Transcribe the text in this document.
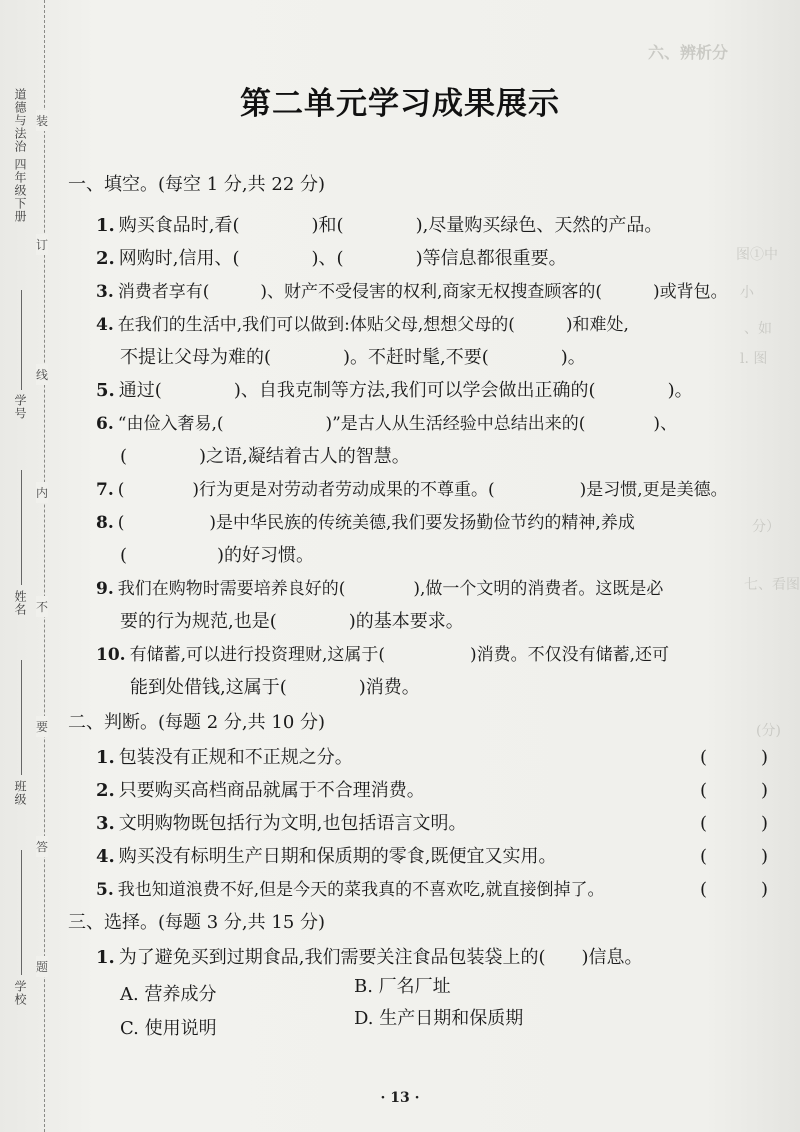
道德与法治 四年级下册
学号
姓名
班级
学校
装
订
线
内
不
要
答
题
六、辨析分
图①中
小
、如
l. 图
分）
七、看图
(分)
第二单元学习成果展示
一、填空。(每空 1 分,共 22 分)
1. 购买食品时,看(　　　　)和(　　　　),尽量购买绿色、天然的产品。
2. 网购时,信用、(　　　　)、(　　　　)等信息都很重要。
3. 消费者享有(　　　)、财产不受侵害的权利,商家无权搜查顾客的(　　　)或背包。
4. 在我们的生活中,我们可以做到:体贴父母,想想父母的(　　　)和难处,
不提让父母为难的(　　　　)。不赶时髦,不要(　　　　)。
5. 通过(　　　　)、自我克制等方法,我们可以学会做出正确的(　　　　)。
6. “由俭入奢易,(　　　　　　)”是古人从生活经验中总结出来的(　　　　)、
(　　　　)之语,凝结着古人的智慧。
7. (　　　　)行为更是对劳动者劳动成果的不尊重。(　　　　　)是习惯,更是美德。
8. (　　　　　)是中华民族的传统美德,我们要发扬勤俭节约的精神,养成
(　　　　　)的好习惯。
9. 我们在购物时需要培养良好的(　　　　),做一个文明的消费者。这既是必
要的行为规范,也是(　　　　)的基本要求。
10. 有储蓄,可以进行投资理财,这属于(　　　　　)消费。不仅没有储蓄,还可
能到处借钱,这属于(　　　　)消费。
二、判断。(每题 2 分,共 10 分)
1. 包装没有正规和不正规之分。	(　　　)
2. 只要购买高档商品就属于不合理消费。	(　　　)
3. 文明购物既包括行为文明,也包括语言文明。	(　　　)
4. 购买没有标明生产日期和保质期的零食,既便宜又实用。	(　　　)
5. 我也知道浪费不好,但是今天的菜我真的不喜欢吃,就直接倒掉了。	(　　　)
三、选择。(每题 3 分,共 15 分)
1. 为了避免买到过期食品,我们需要关注食品包装袋上的(　　)信息。
A. 营养成分	B. 厂名厂址
C. 使用说明	D. 生产日期和保质期
· 13 ·
